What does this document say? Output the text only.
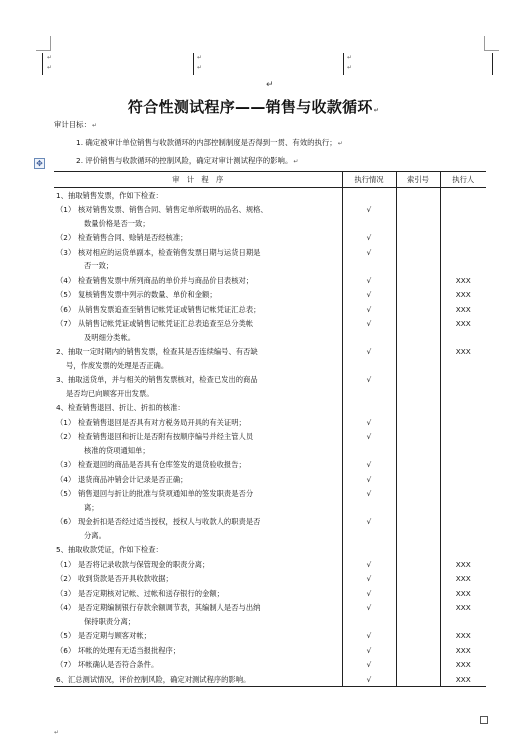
↵	↵	↵
↵	↵	↵
↵
符合性测试程序——销售与收款循环↵
审计目标：↵
1. 确定被审计单位销售与收款循环的内部控制制度是否得到一贯、有效的执行；↵
2. 评价销售与收款循环的控制风险，确定对审计测试程序的影响。↵
✥
审　计　程　序	执行情况	索引号	执行人

1、抽取销售发票，作如下检查：			

（1） 核对销售发票、销售合同、销售定单所载明的品名、规格、
数量价格是否一致；	√		

（2） 检查销售合同、赊销是否经核准；	√		

（3） 核对相应的运货单副本，检查销售发票日期与运货日期是
否一致；	√		

（4） 检查销售发票中所列商品的单价并与商品价目表核对；	√		XXX

（5） 复核销售发票中列示的数量、单价和金额；	√		XXX

（6） 从销售发票追查至销售记帐凭证或销售记帐凭证汇总表；	√		XXX

（7） 从销售记帐凭证或销售记帐凭证汇总表追查至总分类帐
及明细分类帐。	√		XXX

2、抽取一定时期内的销售发票，检查其是否连续编号、有否缺
号，作废发票的处理是否正确。	√		XXX

3、抽取送货单，并与相关的销售发票核对，检查已发出的商品
是否均已向顾客开出发票。	√		

4、检查销售退回、折让、折扣的核准：			

（1） 检查销售退回是否具有对方税务局开具的有关证明；	√		

（2） 检查销售退回和折让是否附有按顺序编号并经主管人员
核准的贷项通知单；	√		

（3） 检查退回的商品是否具有仓库签发的退货验收报告；	√		

（4） 退货商品冲销会计记录是否正确；	√		

（5） 销售退回与折让的批准与贷项通知单的签发职责是否分
离；	√		

（6） 现金折扣是否经过适当授权，授权人与收款人的职责是否
分离。	√		

5、抽取收款凭证，作如下检查：			

（1） 是否将记录收款与保管现金的职责分离；	√		XXX

（2） 收到货款是否开具收款收据；	√		XXX

（3） 是否定期核对记帐、过帐和送存银行的金额；	√		XXX

（4） 是否定期编制银行存款余额调节表，其编制人是否与出纳
保持职责分离；	√		XXX

（5） 是否定期与顾客对帐；	√		XXX

（6） 坏帐的处理有无适当报批程序；	√		XXX

（7） 坏帐确认是否符合条件。	√		XXX

6、汇总测试情况，评价控制风险，确定对测试程序的影响。	√		XXX
↵
